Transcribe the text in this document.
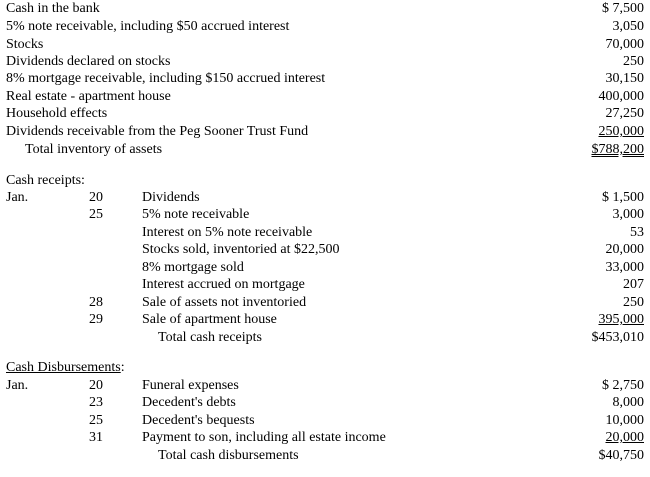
Cash in the bank	$ 7,500
5% note receivable, including $50 accrued interest	3,050
Stocks	70,000
Dividends declared on stocks	250
8% mortgage receivable, including $150 accrued interest	30,150
Real estate - apartment house	400,000
Household effects	27,250
Dividends receivable from the Peg Sooner Trust Fund	250,000
Total inventory of assets	$788,200
Cash receipts:
Jan.	20	Dividends	$ 1,500
25	5% note receivable	3,000
Interest on 5% note receivable	53
Stocks sold, inventoried at $22,500	20,000
8% mortgage sold	33,000
Interest accrued on mortgage	207
28	Sale of assets not inventoried	250
29	Sale of apartment house	395,000
Total cash receipts	$453,010
Cash Disbursements:
Jan.	20	Funeral expenses	$ 2,750
23	Decedent's debts	8,000
25	Decedent's bequests	10,000
31	Payment to son, including all estate income	20,000
Total cash disbursements	$40,750
